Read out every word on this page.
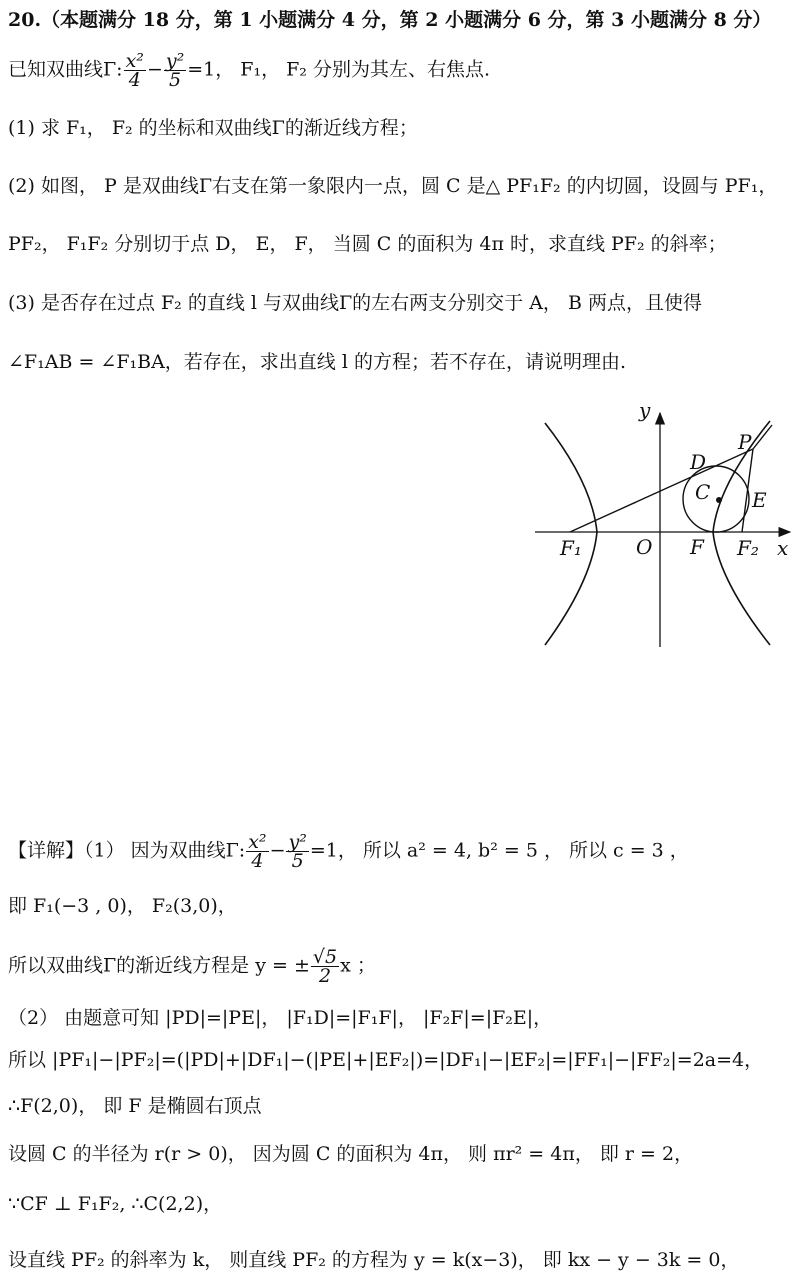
20.（本题满分 18 分，第 1 小题满分 4 分，第 2 小题满分 6 分，第 3 小题满分 8 分）
已知双曲线Γ: $\frac{\text{x²}}{4} - \frac{\text{y²}}{5} =1$， F₁， F₂ 分别为其左、右焦点.
(1) 求 F₁， F₂ 的坐标和双曲线Γ的渐近线方程；
(2) 如图， P 是双曲线Γ右支在第一象限内一点，圆 C 是△ PF₁F₂ 的内切圆，设圆与 PF₁，
PF₂， F₁F₂ 分别切于点 D， E， F， 当圆 C 的面积为 4π 时，求直线 PF₂ 的斜率；
(3) 是否存在过点 F₂ 的直线 l 与双曲线Γ的左右两支分别交于 A， B 两点，且使得
∠F₁AB = ∠F₁BA，若存在，求出直线 l 的方程；若不存在，请说明理由.
y
x
O
F₁	F F₂
P
D
C E
【详解】（1） 因为双曲线Γ: $\frac{\text{x²}}{4} - \frac{\text{y²}}{5} =1$， 所以 a² = 4, b² = 5 ， 所以 c = 3 ，
即 F₁(−3 , 0)， F₂(3,0)，
所以双曲线Γ的渐近线方程是 y = ± $\frac{√5}{2}$ x ；
（2） 由题意可知 |PD|=|PE|， |F₁D|=|F₁F|， |F₂F|=|F₂E|，
所以 |PF₁|−|PF₂|=(|PD|+|DF₁|−(|PE|+|EF₂|)=|DF₁|−|EF₂|=|FF₁|−|FF₂|=2a=4，
∴F(2,0)， 即 F 是椭圆右顶点
设圆 C 的半径为 r(r > 0)， 因为圆 C 的面积为 4π， 则 πr² = 4π， 即 r = 2，
∵CF ⊥ F₁F₂, ∴C(2,2)，
设直线 PF₂ 的斜率为 k， 则直线 PF₂ 的方程为 y = k(x−3)， 即 kx − y − 3k = 0，
